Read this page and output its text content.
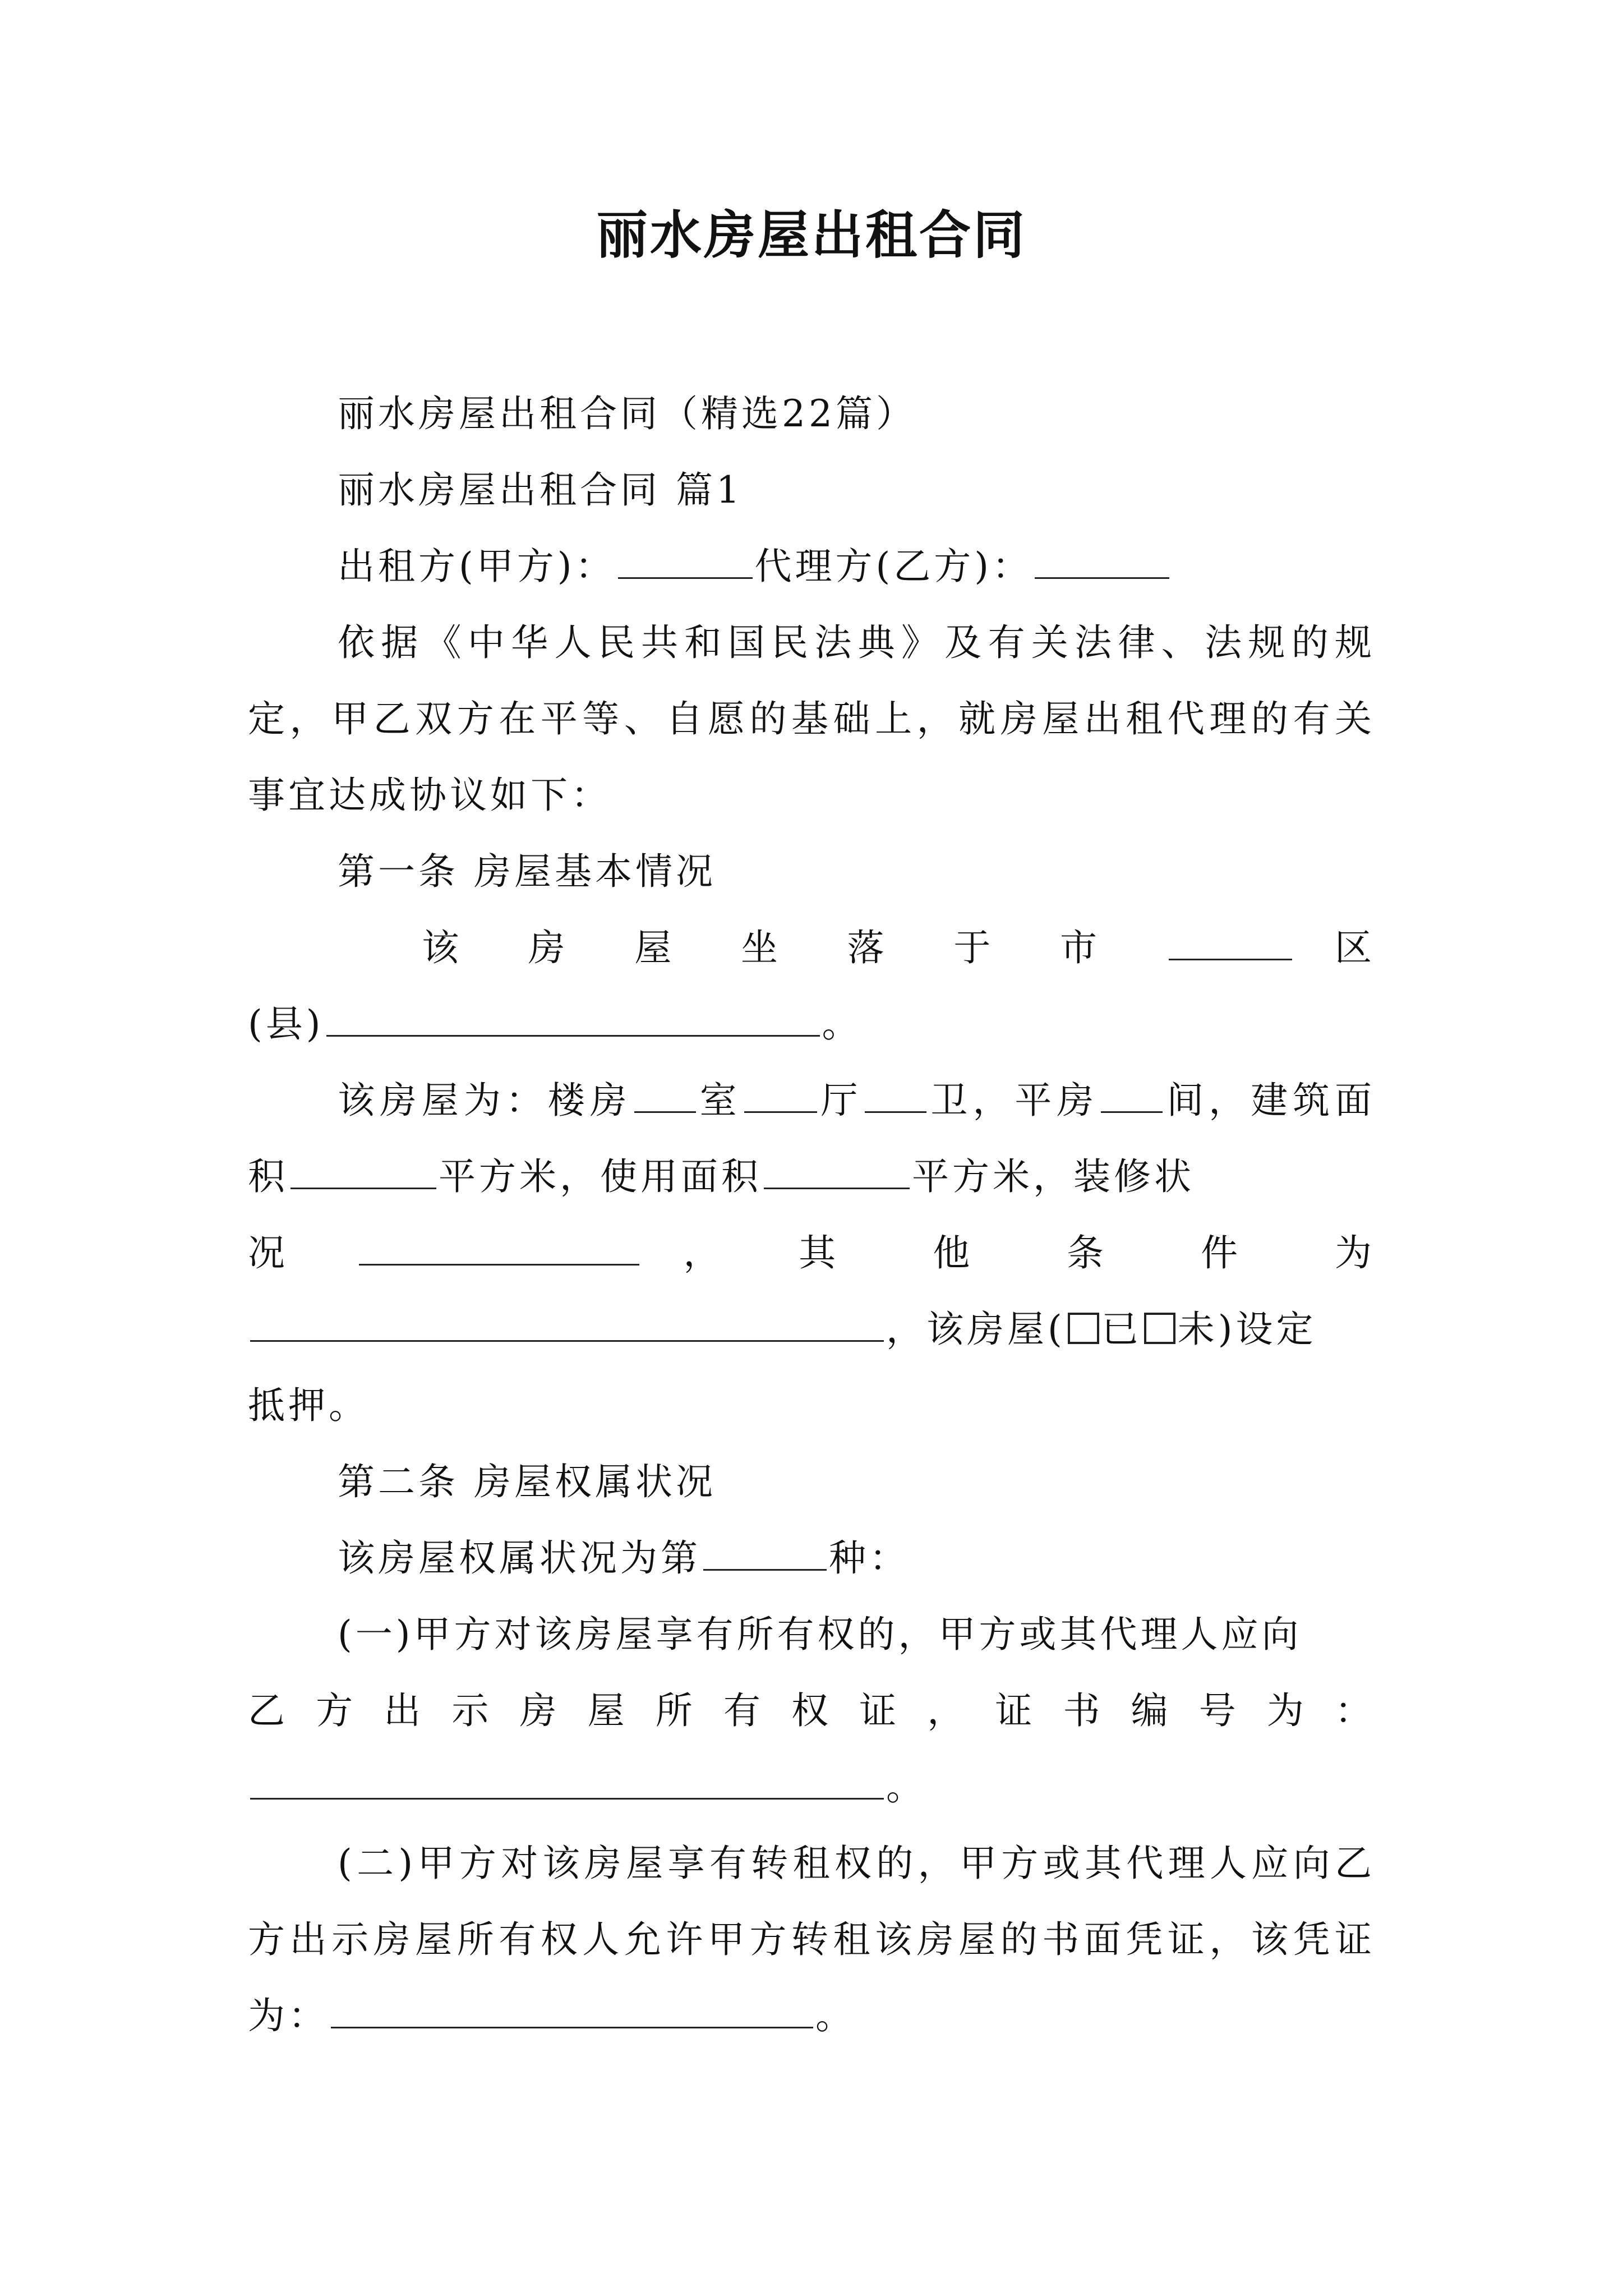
丽水房屋出租合同

丽水房屋出租合同（精选22篇）

丽水房屋出租合同 篇1

出租方(甲方)：	代理方(乙方)：

依据《中华人民共和国民法典》及有关法律、法规的规定，甲乙双方在平等、自愿的基础上，就房屋出租代理的有关事宜达成协议如下：

第一条 房屋基本情况

该 房 屋 坐 落 于 市	区

(县)	。

该房屋为：楼房 室 厅 卫，平房 间，建筑面积	平方米，使用面积	平方米，装修状

况	，　其　他　条　件　为

，该房屋( 已 未)设定

抵押。

第二条 房屋权属状况

该房屋权属状况为第	种：

(一)甲方对该房屋享有所有权的，甲方或其代理人应向

乙 方 出 示 房 屋 所 有 权 证 ， 证 书 编 号 为 ：

。

(二)甲方对该房屋享有转租权的，甲方或其代理人应向乙方出示房屋所有权人允许甲方转租该房屋的书面凭证，该凭证为：	。
